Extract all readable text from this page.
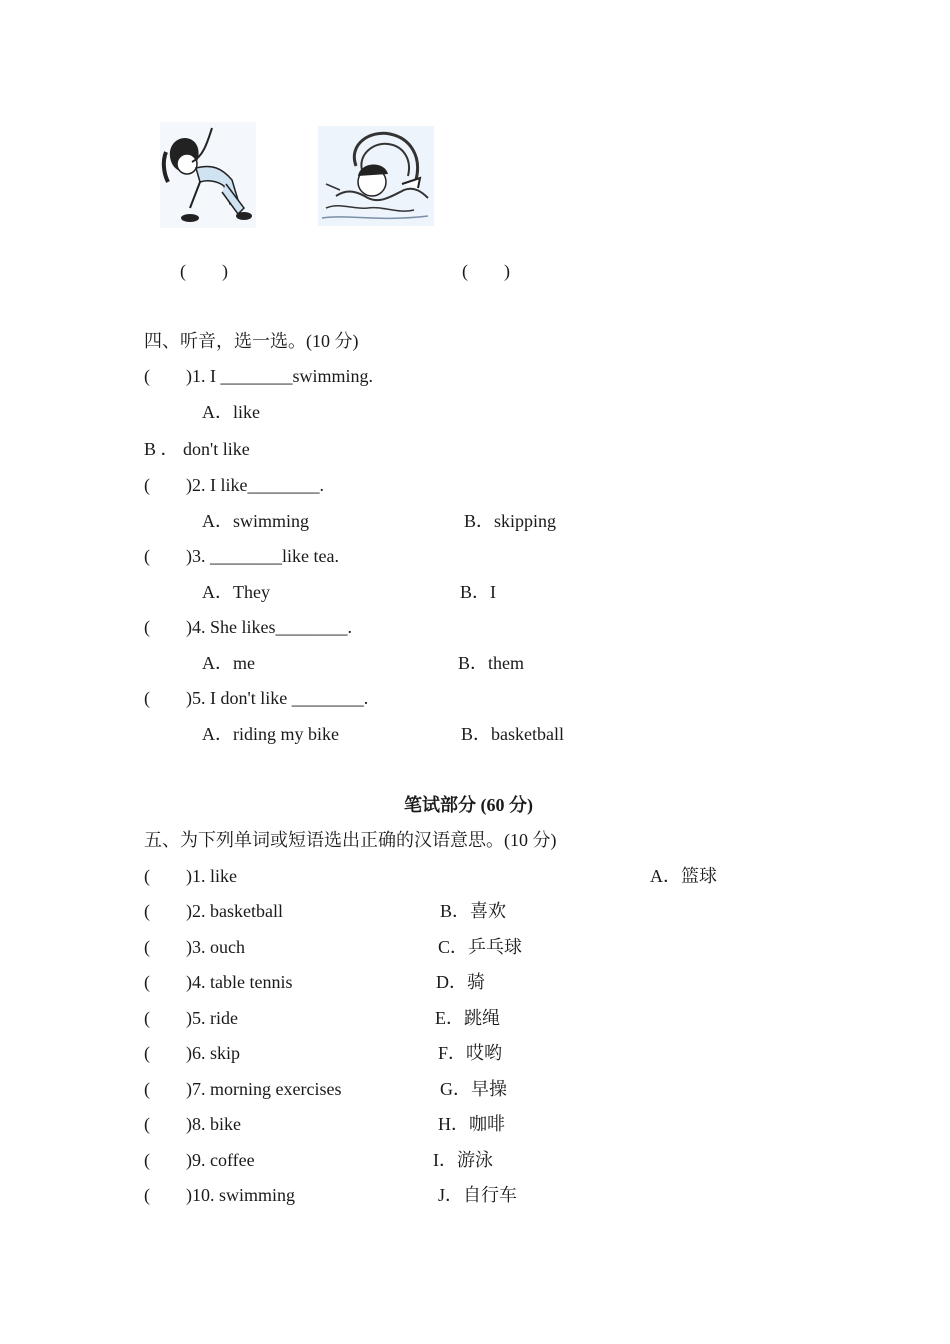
(　　)	(　　)
四、听音，选一选。(10 分)
(　　)1. I ________swimming.
A．like
B ． don't like
(　　)2. I like________.
A．swimming	B．skipping
(　　)3. ________like tea.
A．They	B．I
(　　)4. She likes________.
A．me	B．them
(　　)5. I don't like ________.
A．riding my bike	B．basketball
笔试部分 (60 分)
五、为下列单词或短语选出正确的汉语意思。(10 分)
(　　)1. like	A．篮球
(　　)2. basketball	B．喜欢
(　　)3. ouch	C．乒乓球
(　　)4. table tennis	D．骑
(　　)5. ride	E．跳绳
(　　)6. skip	F．哎哟
(　　)7. morning exercises	G．早操
(　　)8. bike	H．咖啡
(　　)9. coffee	I．游泳
(　　)10. swimming	J．自行车
